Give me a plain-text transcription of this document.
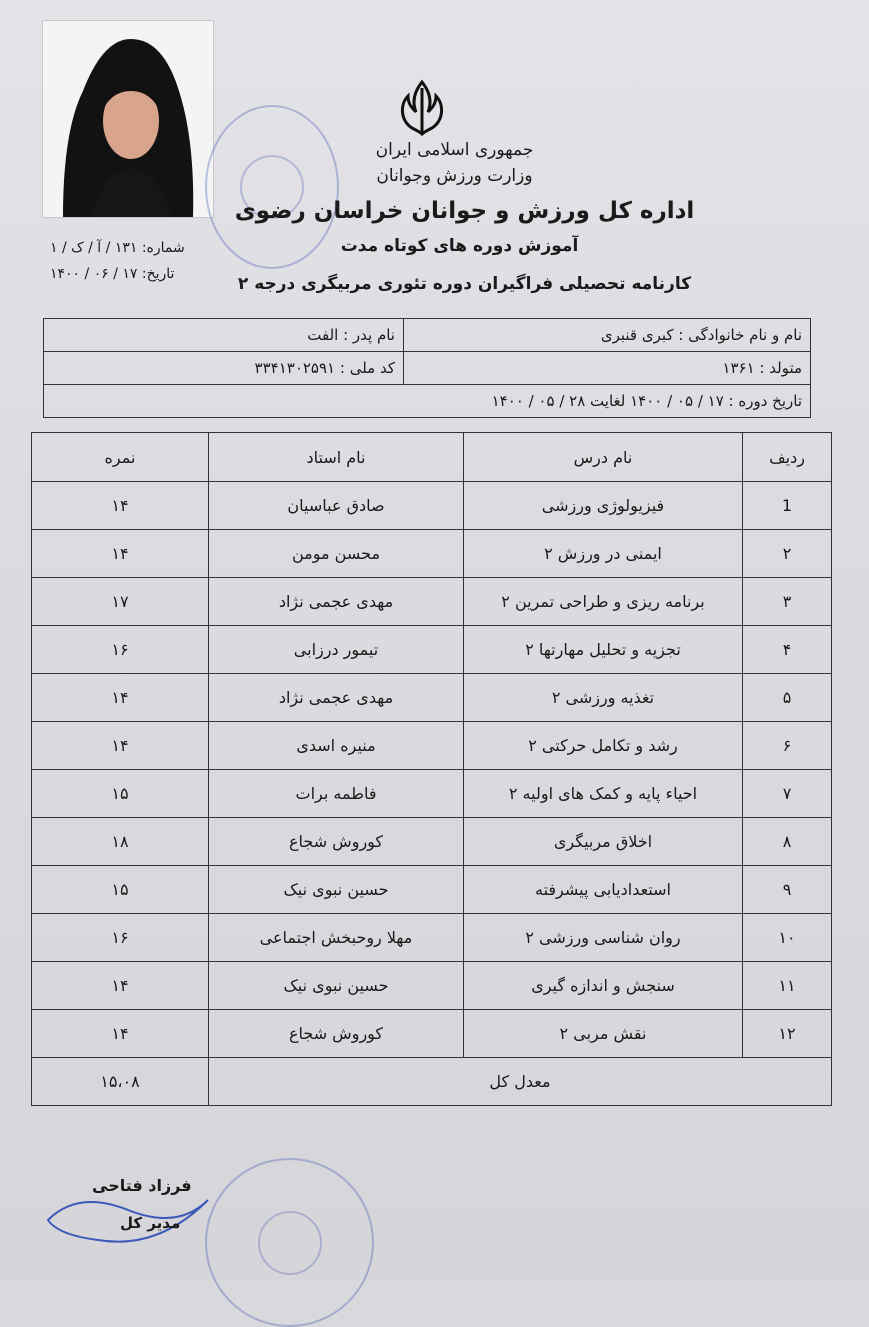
جمهوری اسلامی ایران
وزارت ورزش وجوانان
اداره کل ورزش و جوانان خراسان رضوی
آموزش دوره های کوتاه مدت
کارنامه تحصیلی فراگیران دوره تئوری مربیگری درجه ۲
شماره: ۱۳۱ / آ / ک / ۱
تاریخ: ۱۷ / ۰۶ / ۱۴۰۰
نام و نام خانوادگی : کبری قنبری
نام پدر : الفت
متولد : ۱۳۶۱
کد ملی : ۳۳۴۱۳۰۲۵۹۱
تاریخ دوره : ۱۷ / ۰۵ / ۱۴۰۰ لغایت ۲۸ / ۰۵ / ۱۴۰۰
ردیف	نام درس	نام استاد	نمره
1	فیزیولوژی ورزشی	صادق عباسیان	۱۴
۲	ایمنی در ورزش ۲	محسن مومن	۱۴
۳	برنامه ریزی و طراحی تمرین ۲	مهدی عجمی نژاد	۱۷
۴	تجزیه و تحلیل مهارتها ۲	تیمور درزابی	۱۶
۵	تغذیه ورزشی ۲	مهدی عجمی نژاد	۱۴
۶	رشد و تکامل حرکتی ۲	منیره اسدی	۱۴
۷	احیاء پایه و کمک های اولیه ۲	فاطمه برات	۱۵
۸	اخلاق مربیگری	کوروش شجاع	۱۸
۹	استعدادیابی پیشرفته	حسین نبوی نیک	۱۵
۱۰	روان شناسی ورزشی ۲	مهلا روحبخش اجتماعی	۱۶
۱۱	سنجش و اندازه گیری	حسین نبوی نیک	۱۴
۱۲	نقش مربی ۲	کوروش شجاع	۱۴
معدل کل			۱۵،۰۸
فرزاد فتاحی
مدیر کل
